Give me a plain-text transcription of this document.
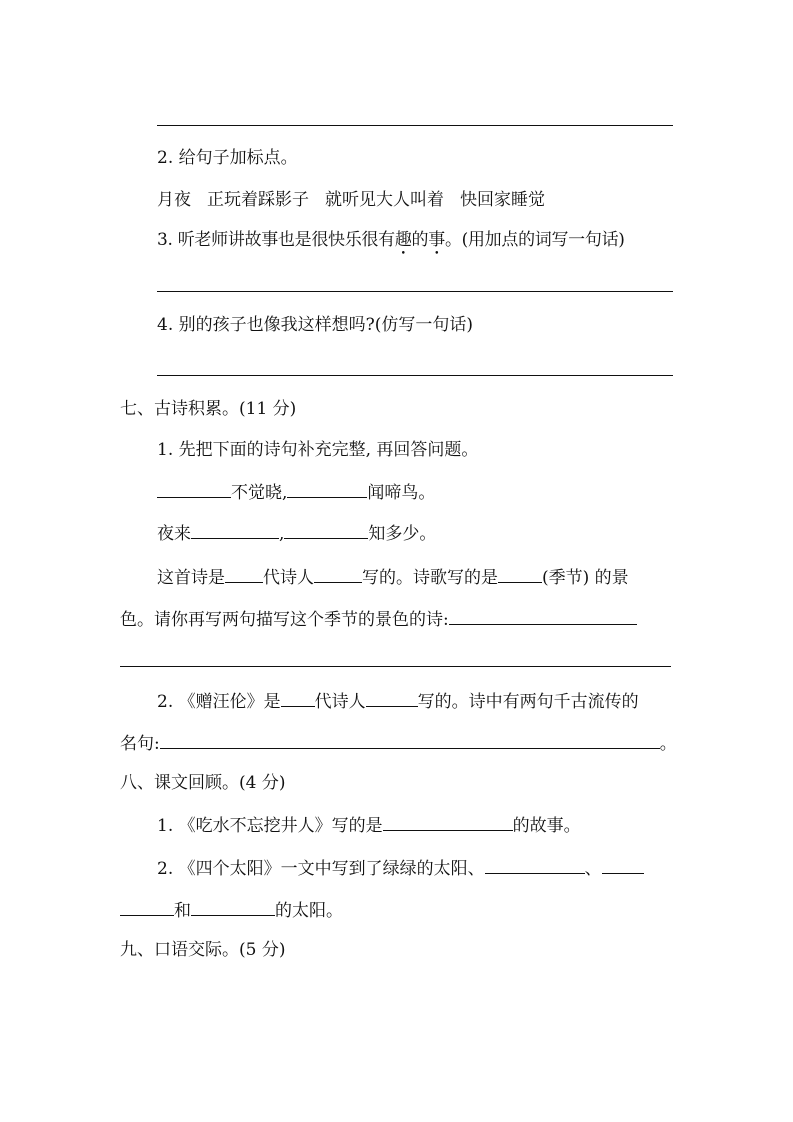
2. 给句子加标点。
月夜 正玩着踩影子 就听见大人叫着 快回家睡觉
3. 听老师讲故事也是很快乐很有趣的事。(用加点的词写一句话)
4. 别的孩子也像我这样想吗?(仿写一句话)
七、古诗积累。(11 分)
1. 先把下面的诗句补充完整, 再回答问题。
不觉晓,	闻啼鸟。
夜来	,	知多少。
这首诗是 代诗人	写的。诗歌写的是	(季节) 的景
色。请你再写两句描写这个季节的景色的诗:
2. 《赠汪伦》是 代诗人	写的。诗中有两句千古流传的
名句:	。
八、课文回顾。(4 分)
1. 《吃水不忘挖井人》写的是	的故事。
2. 《四个太阳》一文中写到了绿绿的太阳、	、
和	的太阳。
九、口语交际。(5 分)
